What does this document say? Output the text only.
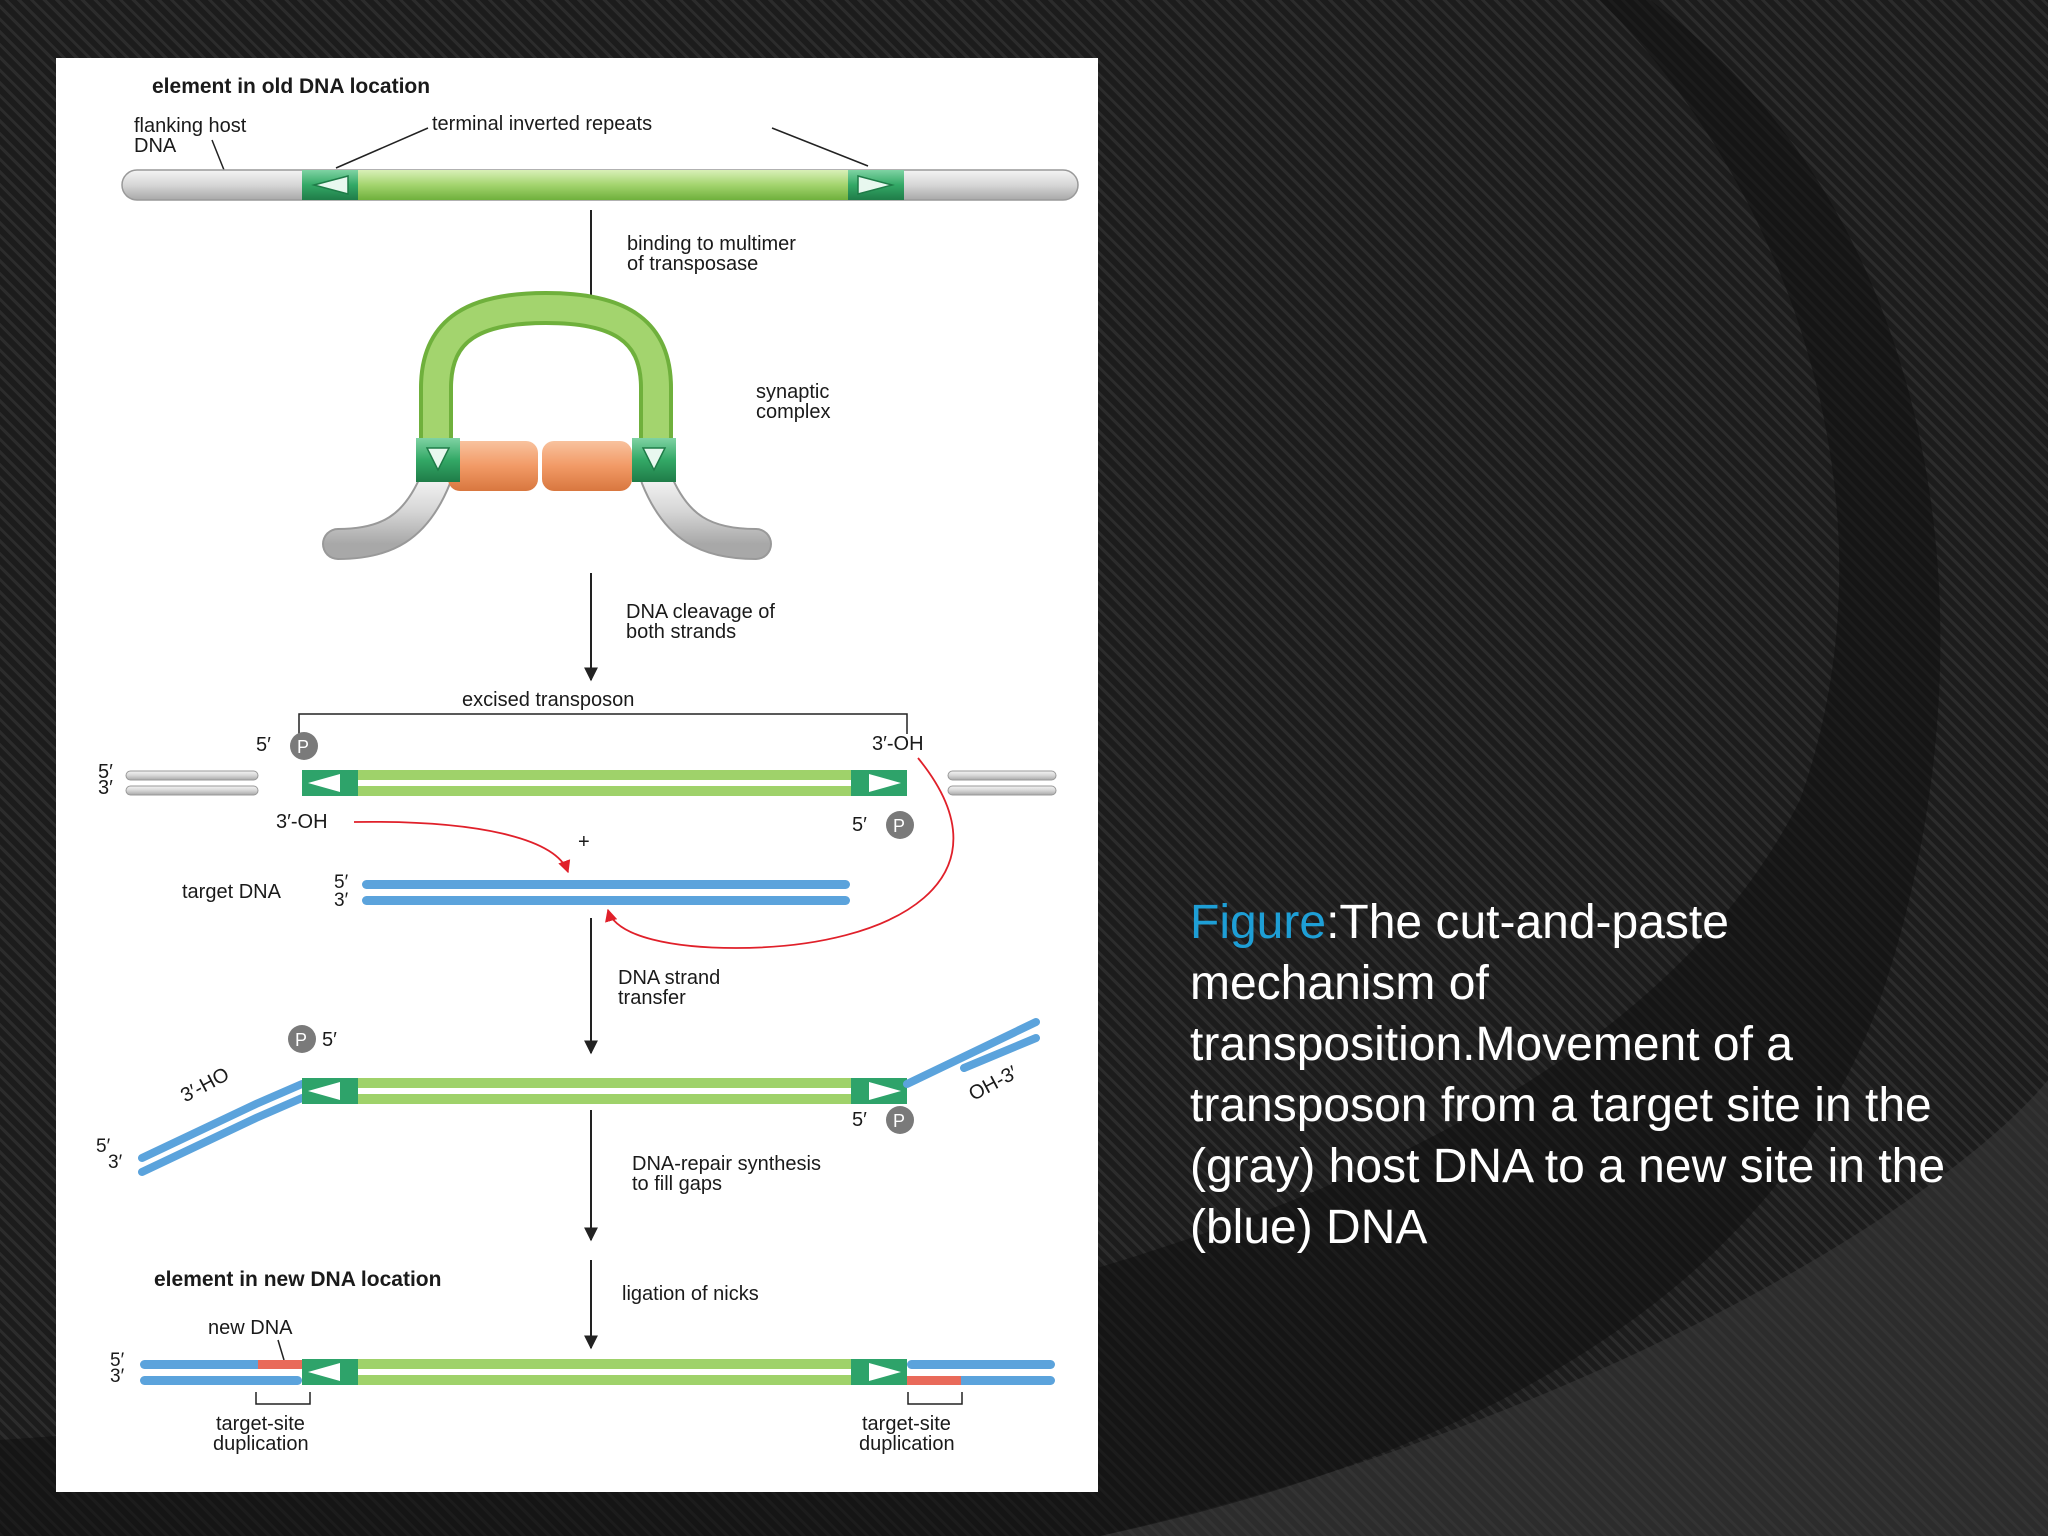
element in old DNA location
flanking host
DNA
terminal inverted repeats
binding to multimer
of transposase
synaptic
complex
DNA cleavage of
both strands
excised transposon
5′ P	3′-OH
5′
3′
3′-OH	5′ P
+
target DNA	5′
3′
DNA strand
transfer
5′
P
3′-HO	OH-3′
5′ P
5′
3′	DNA-repair synthesis
to fill gaps
element in new DNA location
ligation of nicks
new DNA
5′
3′
target-site
duplication
target-site
duplication
Figure:The cut-and-paste mechanism of transposition.Movement of a transposon from a target site in the (gray) host DNA to a new site in the (blue) DNA
